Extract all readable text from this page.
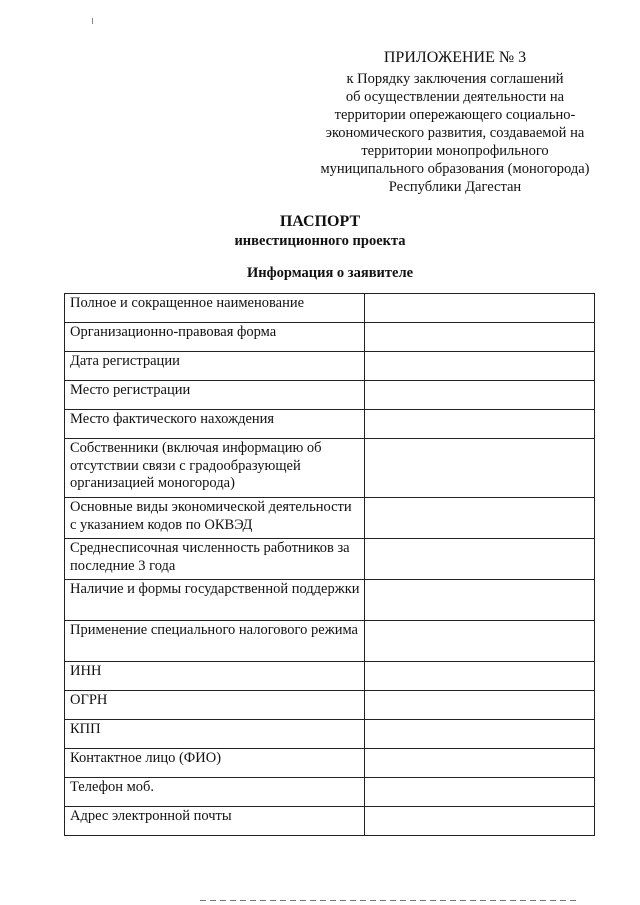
ПРИЛОЖЕНИЕ № 3
к Порядку заключения соглашений
об осуществлении деятельности на
территории опережающего социально-
экономического развития, создаваемой на
территории монопрофильного
муниципального образования (моногорода)
Республики Дагестан
ПАСПОРТ
инвестиционного проекта
Информация о заявителе
Полное и сокращенное наименование	

Организационно-правовая форма	

Дата регистрации	

Место регистрации	

Место фактического нахождения	

Собственники (включая информацию об отсутствии связи с градообразующей организацией моногорода)	

Основные виды экономической деятельности с указанием кодов по ОКВЭД	

Среднесписочная численность работников за последние 3 года	

Наличие и формы государственной поддержки	

Применение специального налогового режима	

ИНН	

ОГРН	

КПП	

Контактное лицо (ФИО)	

Телефон моб.	

Адрес электронной почты	
